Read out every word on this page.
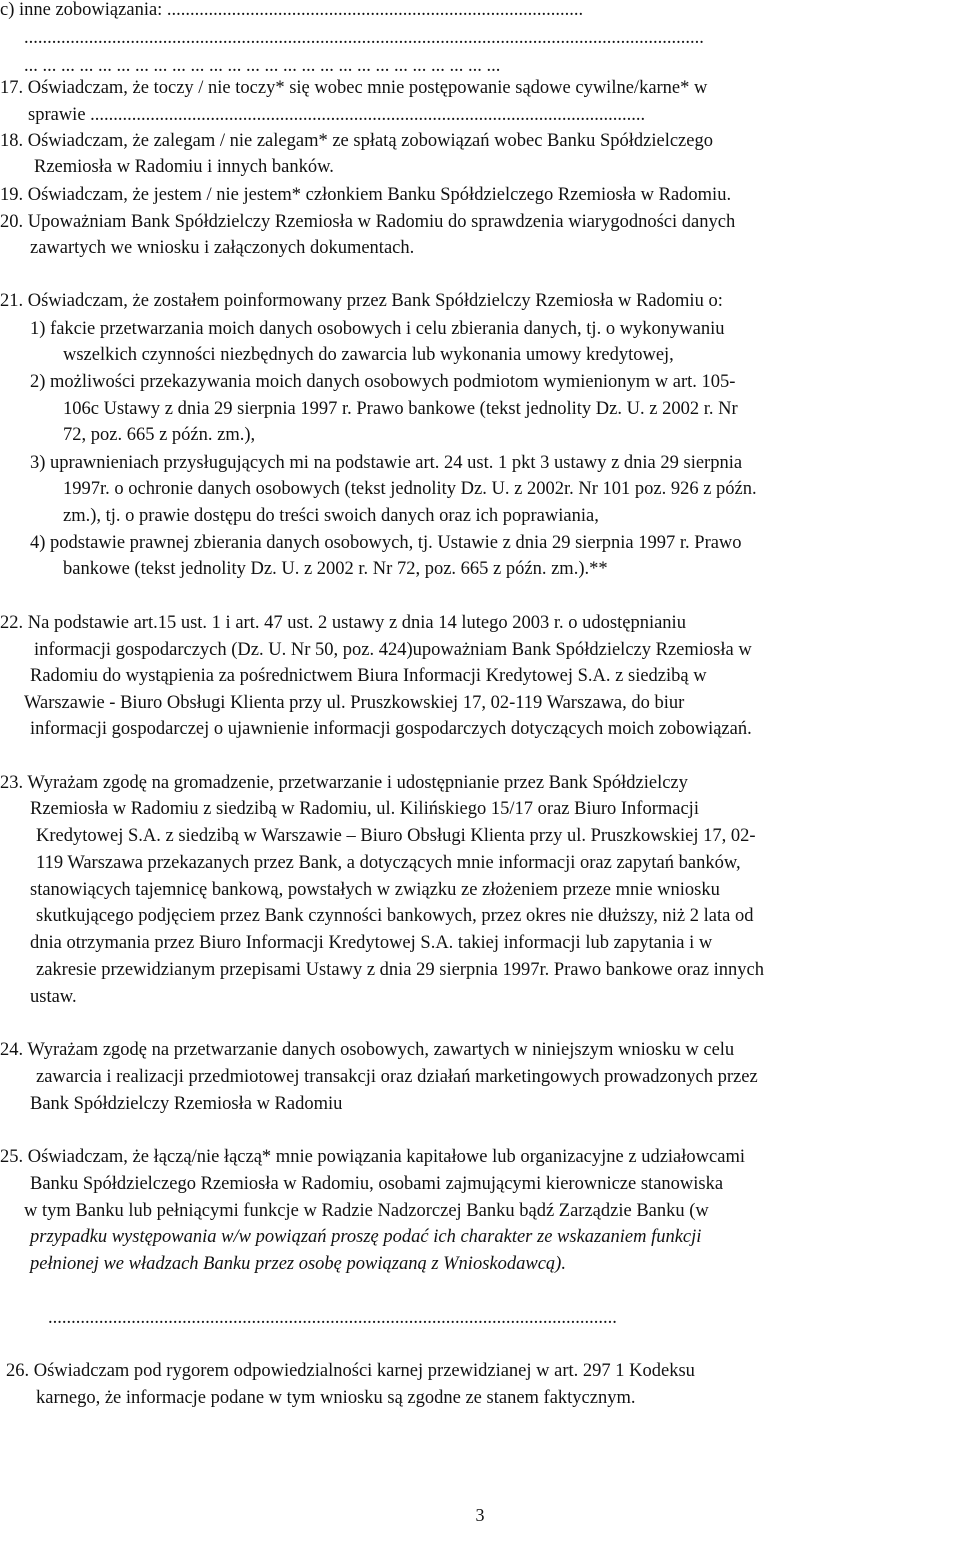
c) inne zobowiązania: ..........................................................................................
...................................................................................................................................................
... ... ... ... ... ... ... ... ... ... ... ... ... ... ... ... ... ... ... ... ... ... ... ... ... ...
17. Oświadczam, że toczy / nie toczy* się wobec mnie postępowanie sądowe cywilne/karne* w
sprawie ........................................................................................................................
18. Oświadczam, że zalegam / nie zalegam* ze spłatą zobowiązań wobec Banku Spółdzielczego
Rzemiosła w Radomiu i innych banków.
19. Oświadczam, że jestem / nie jestem* członkiem Banku Spółdzielczego Rzemiosła w Radomiu.
20. Upoważniam Bank Spółdzielczy Rzemiosła w Radomiu do sprawdzenia wiarygodności danych
zawartych we wniosku i załączonych dokumentach.
21. Oświadczam, że zostałem poinformowany przez Bank Spółdzielczy Rzemiosła w Radomiu o:
1) fakcie przetwarzania moich danych osobowych i celu zbierania danych, tj. o wykonywaniu
wszelkich czynności niezbędnych do zawarcia lub wykonania umowy kredytowej,
2) możliwości przekazywania moich danych osobowych podmiotom wymienionym w art. 105-
106c Ustawy z dnia 29 sierpnia 1997 r. Prawo bankowe (tekst jednolity Dz. U. z 2002 r. Nr
72, poz. 665 z późn. zm.),
3) uprawnieniach przysługujących mi na podstawie art. 24 ust. 1 pkt 3 ustawy z dnia 29 sierpnia
1997r. o ochronie danych osobowych (tekst jednolity Dz. U. z 2002r. Nr 101 poz. 926 z późn.
zm.), tj. o prawie dostępu do treści swoich danych oraz ich poprawiania,
4) podstawie prawnej zbierania danych osobowych, tj. Ustawie z dnia 29 sierpnia 1997 r. Prawo
bankowe (tekst jednolity Dz. U. z 2002 r. Nr 72, poz. 665 z późn. zm.).**
22. Na podstawie art.15 ust. 1 i art. 47 ust. 2 ustawy z dnia 14 lutego 2003 r. o udostępnianiu
informacji gospodarczych (Dz. U. Nr 50, poz. 424)upoważniam Bank Spółdzielczy Rzemiosła w
Radomiu do wystąpienia za pośrednictwem Biura Informacji Kredytowej S.A. z siedzibą w
Warszawie - Biuro Obsługi Klienta przy ul. Pruszkowskiej 17, 02-119 Warszawa, do biur
informacji gospodarczej o ujawnienie informacji gospodarczych dotyczących moich zobowiązań.
23. Wyrażam zgodę na gromadzenie, przetwarzanie i udostępnianie przez Bank Spółdzielczy
Rzemiosła w Radomiu z siedzibą w Radomiu, ul. Kilińskiego 15/17 oraz Biuro Informacji
Kredytowej S.A. z siedzibą w Warszawie – Biuro Obsługi Klienta przy ul. Pruszkowskiej 17, 02-
119 Warszawa przekazanych przez Bank, a dotyczących mnie informacji oraz zapytań banków,
stanowiących tajemnicę bankową, powstałych w związku ze złożeniem przeze mnie wniosku
skutkującego podjęciem przez Bank czynności bankowych, przez okres nie dłuższy, niż 2 lata od
dnia otrzymania przez Biuro Informacji Kredytowej S.A. takiej informacji lub zapytania i w
zakresie przewidzianym przepisami Ustawy z dnia 29 sierpnia 1997r. Prawo bankowe oraz innych
ustaw.
24. Wyrażam zgodę na przetwarzanie danych osobowych, zawartych w niniejszym wniosku w celu
zawarcia i realizacji przedmiotowej transakcji oraz działań marketingowych prowadzonych przez
Bank Spółdzielczy Rzemiosła w Radomiu
25. Oświadczam, że łączą/nie łączą* mnie powiązania kapitałowe lub organizacyjne z udziałowcami
Banku Spółdzielczego Rzemiosła w Radomiu, osobami zajmującymi kierownicze stanowiska
w tym Banku lub pełniącymi funkcje w Radzie Nadzorczej Banku bądź Zarządzie Banku (w
przypadku występowania w/w powiązań proszę podać ich charakter ze wskazaniem funkcji
pełnionej we władzach Banku przez osobę powiązaną z Wnioskodawcą).
...........................................................................................................................
26. Oświadczam pod rygorem odpowiedzialności karnej przewidzianej w art. 297 1 Kodeksu
karnego, że informacje podane w tym wniosku są zgodne ze stanem faktycznym.
3
